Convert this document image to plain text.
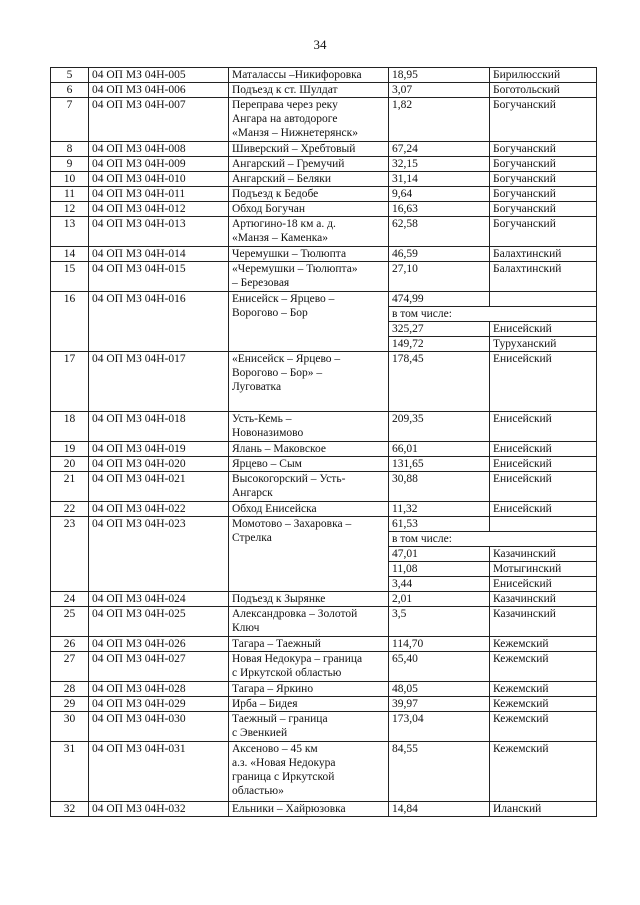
34
5	04 ОП МЗ 04Н-005	Маталассы –Никифоровка	18,95	Бирилюсский
6	04 ОП МЗ 04Н-006	Подъезд к ст. Шулдат	3,07	Боготольский
7	04 ОП МЗ 04Н-007	Переправа через реку
Ангара на автодороге
«Манзя – Нижнетерянск»	1,82	Богучанский
8	04 ОП МЗ 04Н-008	Шиверский – Хребтовый	67,24	Богучанский
9	04 ОП МЗ 04Н-009	Ангарский – Гремучий	32,15	Богучанский
10	04 ОП МЗ 04Н-010	Ангарский – Беляки	31,14	Богучанский
11	04 ОП МЗ 04Н-011	Подъезд к Бедобе	9,64	Богучанский
12	04 ОП МЗ 04Н-012	Обход Богучан	16,63	Богучанский
13	04 ОП МЗ 04Н-013	Артюгино-18 км а. д.
«Манзя – Каменка»	62,58	Богучанский
14	04 ОП МЗ 04Н-014	Черемушки – Тюлюпта	46,59	Балахтинский
15	04 ОП МЗ 04Н-015	«Черемушки – Тюлюпта»
– Березовая	27,10	Балахтинский
16	04 ОП МЗ 04Н-016	Енисейск – Ярцево –
Ворогово – Бор	474,99	
			в том числе:	
			325,27	Енисейский
			149,72	Туруханский
17	04 ОП МЗ 04Н-017	«Енисейск – Ярцево –
Ворогово – Бор» –
Луговатка	178,45	Енисейский
18	04 ОП МЗ 04Н-018	Усть-Кемь –
Новоназимово	209,35	Енисейский
19	04 ОП МЗ 04Н-019	Ялань – Маковское	66,01	Енисейский
20	04 ОП МЗ 04Н-020	Ярцево – Сым	131,65	Енисейский
21	04 ОП МЗ 04Н-021	Высокогорский – Усть-
Ангарск	30,88	Енисейский
22	04 ОП МЗ 04Н-022	Обход Енисейска	11,32	Енисейский
23	04 ОП МЗ 04Н-023	Момотово – Захаровка –
Стрелка	61,53	
			в том числе:	
			47,01	Казачинский
			11,08	Мотыгинский
			3,44	Енисейский
24	04 ОП МЗ 04Н-024	Подъезд к Зырянке	2,01	Казачинский
25	04 ОП МЗ 04Н-025	Александровка – Золотой
Ключ	3,5	Казачинский
26	04 ОП МЗ 04Н-026	Тагара – Таежный	114,70	Кежемский
27	04 ОП МЗ 04Н-027	Новая Недокура – граница
с Иркутской областью	65,40	Кежемский
28	04 ОП МЗ 04Н-028	Тагара – Яркино	48,05	Кежемский
29	04 ОП МЗ 04Н-029	Ирба – Бидея	39,97	Кежемский
30	04 ОП МЗ 04Н-030	Таежный – граница
с Эвенкией	173,04	Кежемский
31	04 ОП МЗ 04Н-031	Аксеново – 45 км
а.з. «Новая Недокура
граница с Иркутской
областью»	84,55	Кежемский
32	04 ОП МЗ 04Н-032	Ельники – Хайрюзовка	14,84	Иланский
